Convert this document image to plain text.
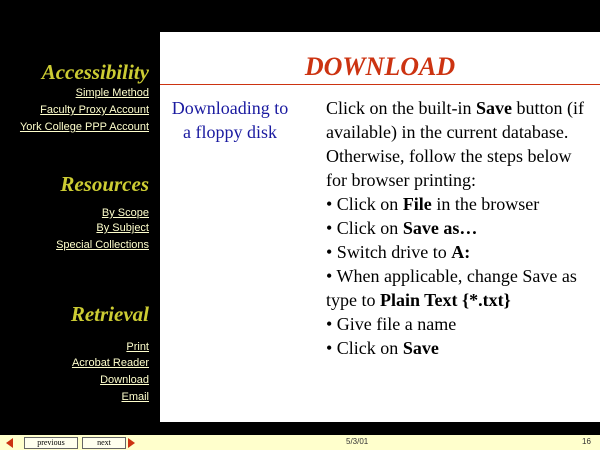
Accessibility
Simple Method
Faculty Proxy Account
York College PPP Account
Resources
By Scope
By Subject
Special Collections
Retrieval
Print
Acrobat Reader
Download
Email
DOWNLOAD
Downloading to a floppy disk

Click on the built-in Save button (if available) in the current database. Otherwise, follow the steps below for browser printing:

• Click on File in the browser

• Click on Save as…

• Switch drive to A:

• When applicable, change Save as type to Plain Text {*.txt}

• Give file a name

• Click on Save

previous	next	5/3/01	16
